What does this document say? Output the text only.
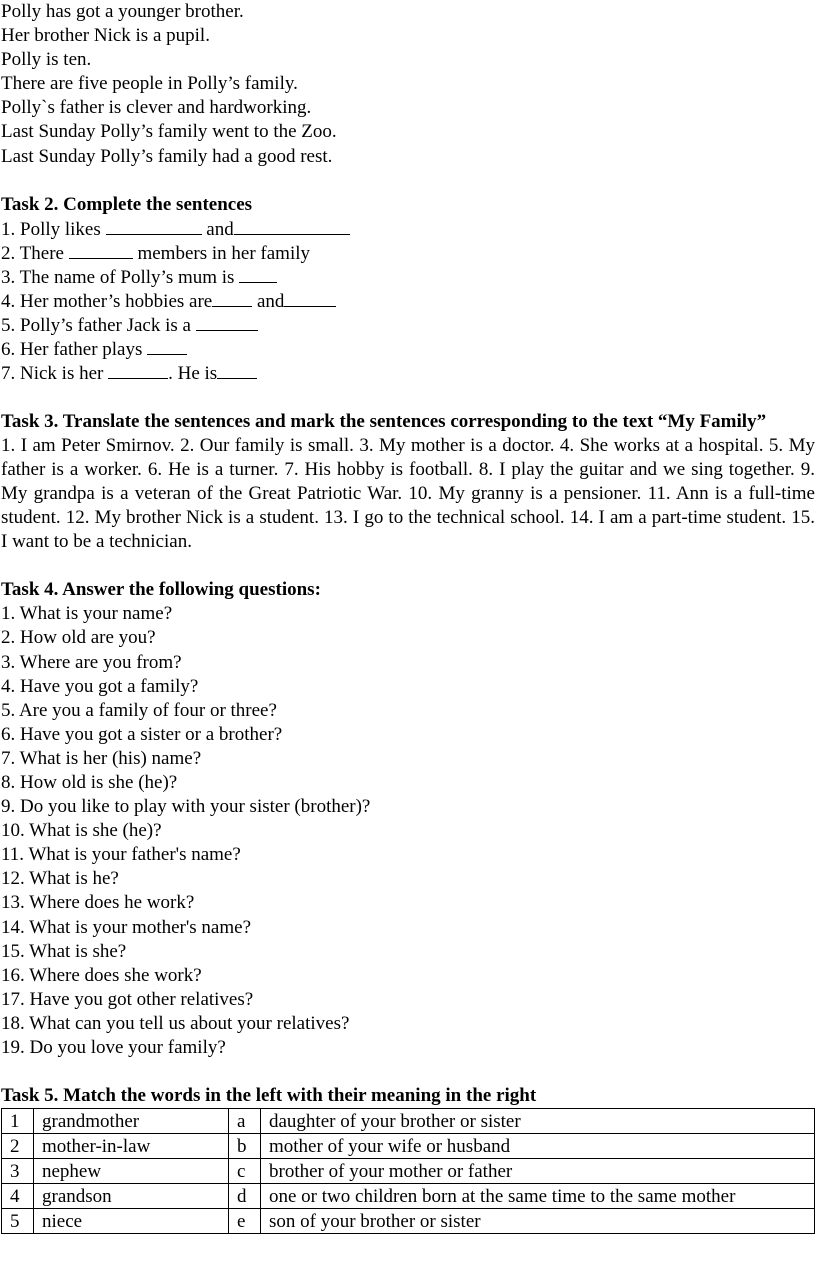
Polly has got a younger brother.
Her brother Nick is a pupil.
Polly is ten.
There are five people in Polly’s family.
Polly`s father is clever and hardworking.
Last Sunday Polly’s family went to the Zoo.
Last Sunday Polly’s family had a good rest.
Task 2. Complete the sentences
1. Polly likes	and
2. There	members in her family
3. The name of Polly’s mum is
4. Her mother’s hobbies are and
5. Polly’s father Jack is a
6. Her father plays
7. Nick is her	. He is
Task 3. Translate the sentences and mark the sentences corresponding to the text “My Family”
1. I am Peter Smirnov. 2. Our family is small. 3. My mother is a doctor. 4. She works at a hospital. 5. My father is a worker. 6. He is a turner. 7. His hobby is football. 8. I play the guitar and we sing together. 9. My grandpa is a veteran of the Great Patriotic War. 10. My granny is a pensioner. 11. Ann is a full-time student. 12. My brother Nick is a student. 13. I go to the technical school. 14. I am a part-time student. 15. I want to be a technician.
Task 4. Answer the following questions:
1. What is your name?
2. How old are you?
3. Where are you from?
4. Have you got a family?
5. Are you a family of four or three?
6. Have you got a sister or a brother?
7. What is her (his) name?
8. How old is she (he)?
9. Do you like to play with your sister (brother)?
10. What is she (he)?
11. What is your father's name?
12. What is he?
13. Where does he work?
14. What is your mother's name?
15. What is she?
16. Where does she work?
17. Have you got other relatives?
18. What can you tell us about your relatives?
19. Do you love your family?
Task 5. Match the words in the left with their meaning in the right
1	grandmother	a	daughter of your brother or sister
2	mother-in-law	b	mother of your wife or husband
3	nephew	c	brother of your mother or father
4	grandson	d	one or two children born at the same time to the same mother
5	niece	e	son of your brother or sister
